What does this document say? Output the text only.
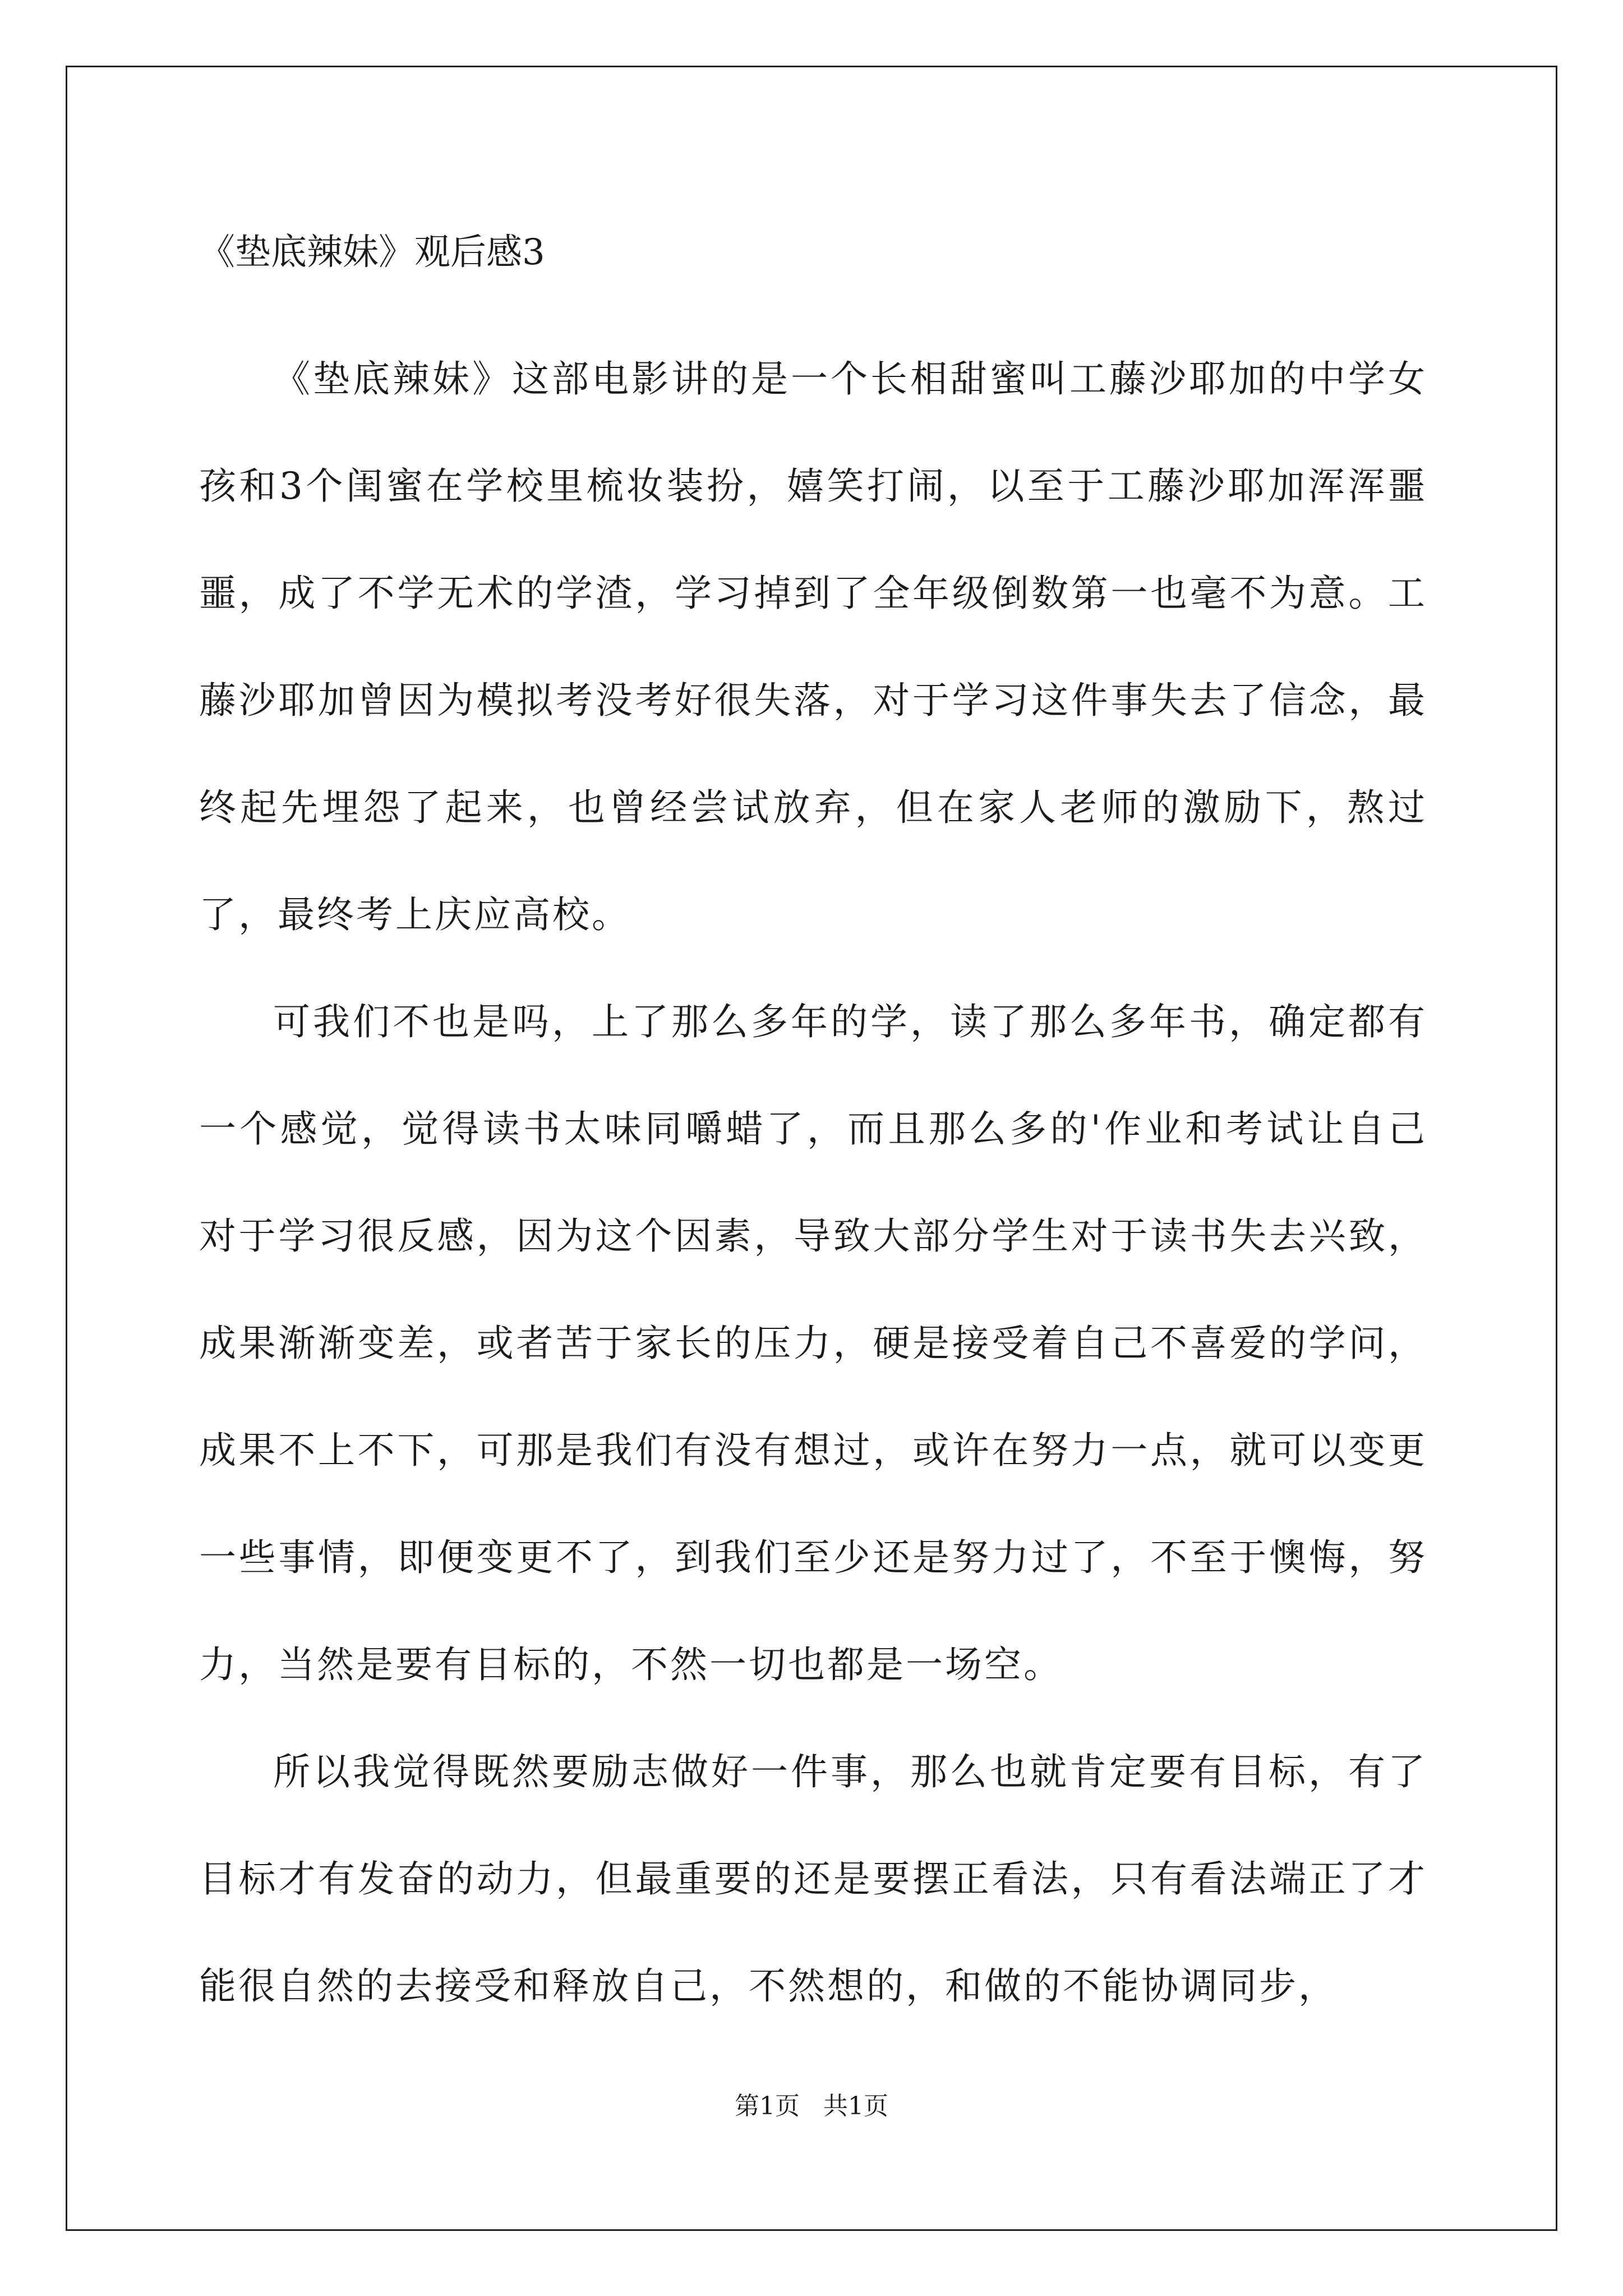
《垫底辣妹》观后感3

《垫底辣妹》这部电影讲的是一个长相甜蜜叫工藤沙耶加的中学女孩和3个闺蜜在学校里梳妆装扮，嬉笑打闹，以至于工藤沙耶加浑浑噩噩，成了不学无术的学渣，学习掉到了全年级倒数第一也毫不为意。工藤沙耶加曾因为模拟考没考好很失落，对于学习这件事失去了信念，最终起先埋怨了起来，也曾经尝试放弃，但在家人老师的激励下，熬过了，最终考上庆应高校。

可我们不也是吗，上了那么多年的学，读了那么多年书，确定都有一个感觉，觉得读书太味同嚼蜡了，而且那么多的'作业和考试让自己对于学习很反感，因为这个因素，导致大部分学生对于读书失去兴致，成果渐渐变差，或者苦于家长的压力，硬是接受着自己不喜爱的学问，成果不上不下，可那是我们有没有想过，或许在努力一点，就可以变更一些事情，即便变更不了，到我们至少还是努力过了，不至于懊悔，努力，当然是要有目标的，不然一切也都是一场空。

所以我觉得既然要励志做好一件事，那么也就肯定要有目标，有了目标才有发奋的动力，但最重要的还是要摆正看法，只有看法端正了才能很自然的去接受和释放自己，不然想的，和做的不能协调同步，

第1页 共1页
